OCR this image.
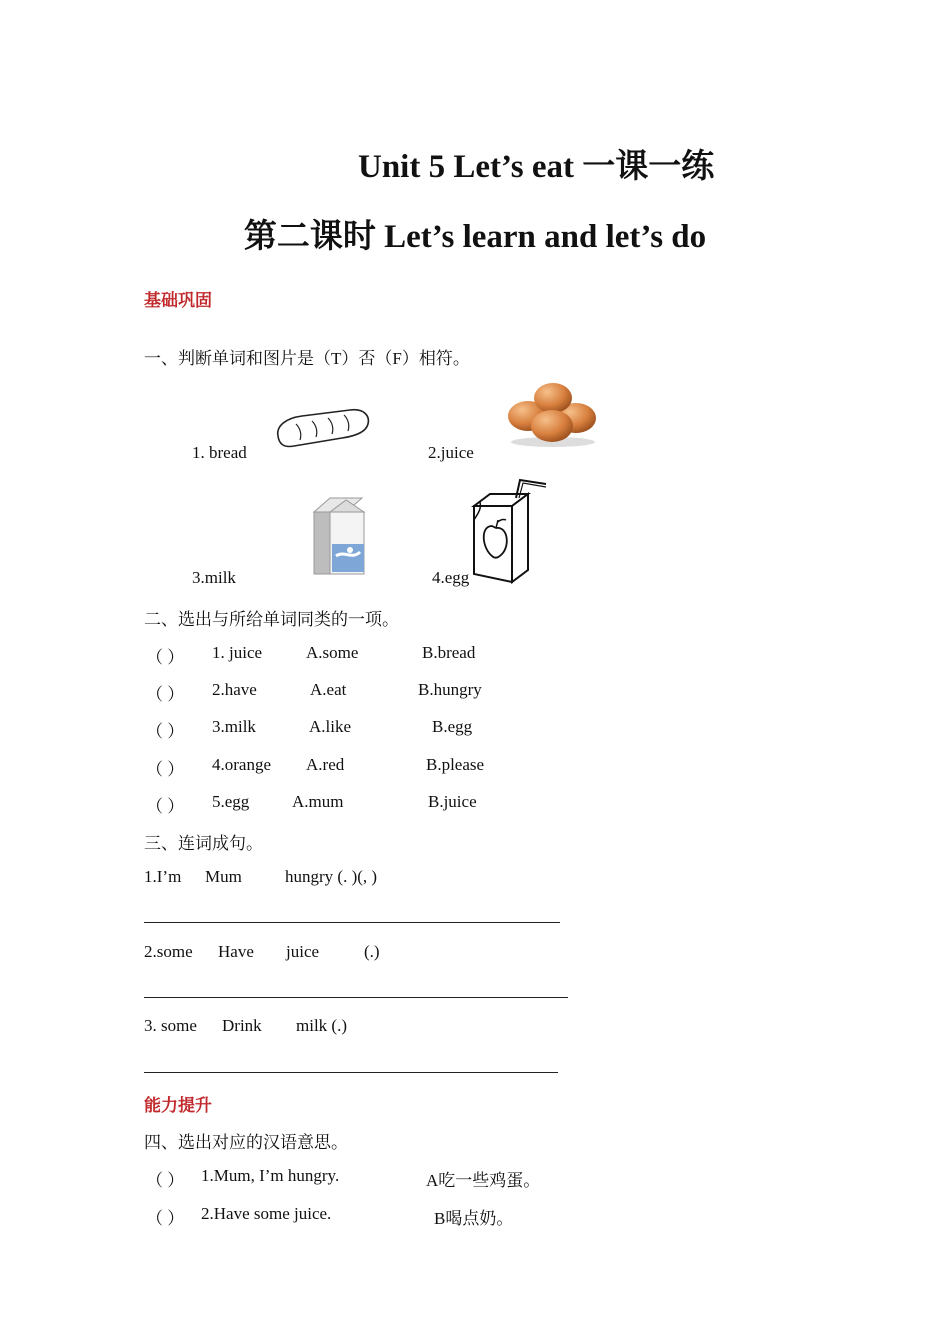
Unit 5 Let’s eat 一课一练
第二课时 Let’s learn and let’s do
基础巩固
一、判断单词和图片是（T）否（F）相符。
1. bread	2.juice
3.milk	4.egg
二、选出与所给单词同类的一项。
（ ） 1. juice	A.some	B.bread
（ ） 2.have	A.eat	B.hungry
（ ） 3.milk	A.like	B.egg
（ ） 4.orange A.red	B.please
（ ） 5.egg	A.mum	B.juice
三、连词成句。
1.I’m Mum	hungry (. )(, )
2.some Have juice	(.)
3. some Drink milk (.)
能力提升
四、选出对应的汉语意思。
（ ） 1.Mum, I’m hungry.	A吃一些鸡蛋。
（ ） 2.Have some juice.	B喝点奶。
